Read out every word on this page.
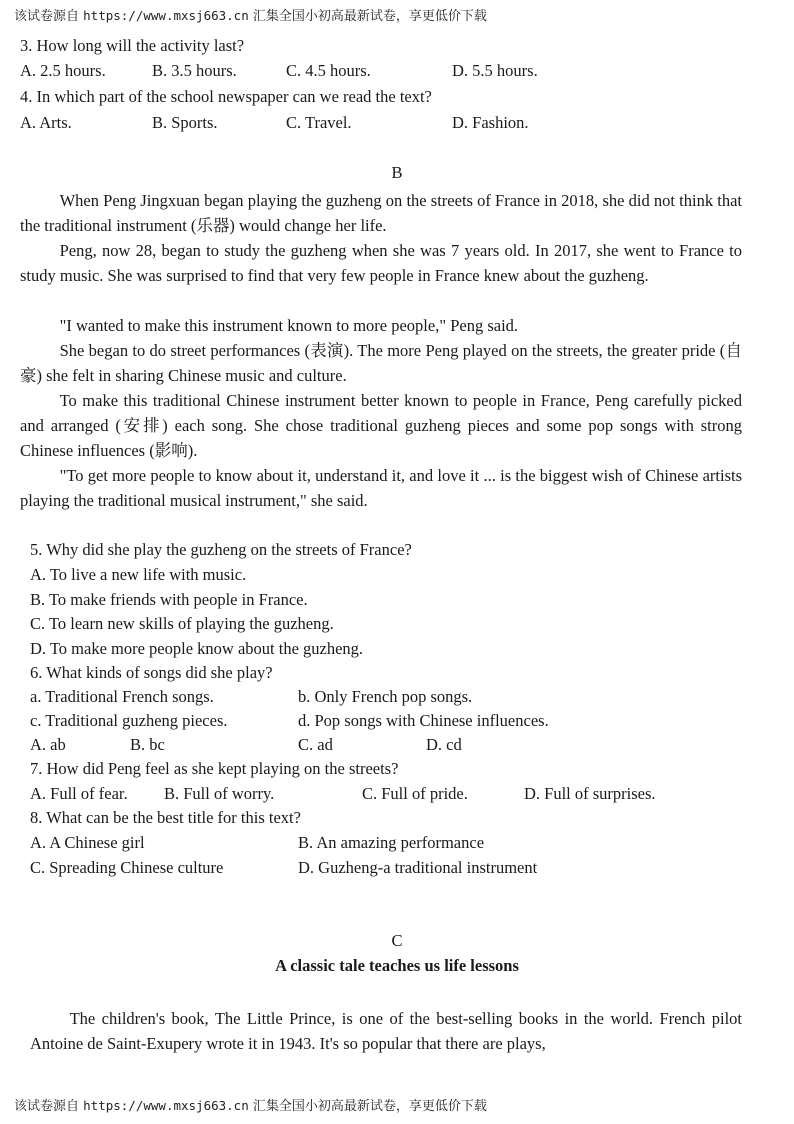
该试卷源自 https://www.mxsj663.cn 汇集全国小初高最新试卷，享更低价下载
3. How long will the activity last?
A. 2.5 hours.	B. 3.5 hours.	C. 4.5 hours.	D. 5.5 hours.
4. In which part of the school newspaper can we read the text?
A. Arts.	B. Sports.	C. Travel.	D. Fashion.
B
When Peng Jingxuan began playing the guzheng on the streets of France in 2018, she did not think that the traditional instrument (乐器) would change her life.
Peng, now 28, began to study the guzheng when she was 7 years old. In 2017, she went to France to study music. She was surprised to find that very few people in France knew about the guzheng.
"I wanted to make this instrument known to more people," Peng said.
She began to do street performances (表演). The more Peng played on the streets, the greater pride (自豪) she felt in sharing Chinese music and culture.
To make this traditional Chinese instrument better known to people in France, Peng carefully picked and arranged (安排) each song. She chose traditional guzheng pieces and some pop songs with strong Chinese influences (影响).
"To get more people to know about it, understand it, and love it ... is the biggest wish of Chinese artists playing the traditional musical instrument," she said.
5. Why did she play the guzheng on the streets of France?
A. To live a new life with music.
B. To make friends with people in France.
C. To learn new skills of playing the guzheng.
D. To make more people know about the guzheng.
6. What kinds of songs did she play?
a. Traditional French songs.	b. Only French pop songs.
c. Traditional guzheng pieces.	d. Pop songs with Chinese influences.
A. ab	B. bc	C. ad	D. cd
7. How did Peng feel as she kept playing on the streets?
A. Full of fear. B. Full of worry.	C. Full of pride.	D. Full of surprises.
8. What can be the best title for this text?
A. A Chinese girl	B. An amazing performance
C. Spreading Chinese culture	D. Guzheng-a traditional instrument
C
A classic tale teaches us life lessons
The children's book, The Little Prince, is one of the best-selling books in the world. French pilot Antoine de Saint-Exupery wrote it in 1943. It's so popular that there are plays,
该试卷源自 https://www.mxsj663.cn 汇集全国小初高最新试卷，享更低价下载
